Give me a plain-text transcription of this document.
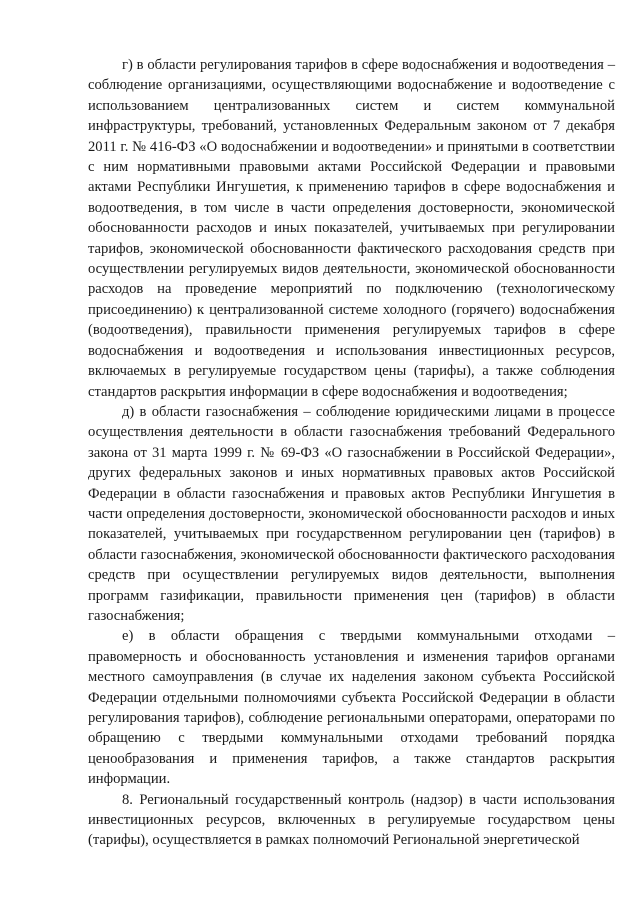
г) в области регулирования тарифов в сфере водоснабжения и водоотведения – соблюдение организациями, осуществляющими водоснабжение и водоотведение с использованием централизованных систем и систем коммунальной инфраструктуры, требований, установленных Федеральным законом от 7 декабря 2011 г. № 416-ФЗ «О водоснабжении и водоотведении» и принятыми в соответствии с ним нормативными правовыми актами Российской Федерации и правовыми актами Республики Ингушетия, к применению тарифов в сфере водоснабжения и водоотведения, в том числе в части определения достоверности, экономической обоснованности расходов и иных показателей, учитываемых при регулировании тарифов, экономической обоснованности фактического расходования средств при осуществлении регулируемых видов деятельности, экономической обоснованности расходов на проведение мероприятий по подключению (технологическому присоединению) к централизованной системе холодного (горячего) водоснабжения (водоотведения), правильности применения регулируемых тарифов в сфере водоснабжения и водоотведения и использования инвестиционных ресурсов, включаемых в регулируемые государством цены (тарифы), а также соблюдения стандартов раскрытия информации в сфере водоснабжения и водоотведения;

д) в области газоснабжения – соблюдение юридическими лицами в процессе осуществления деятельности в области газоснабжения требований Федерального закона от 31 марта 1999 г. № 69-ФЗ «О газоснабжении в Российской Федерации», других федеральных законов и иных нормативных правовых актов Российской Федерации в области газоснабжения и правовых актов Республики Ингушетия в части определения достоверности, экономической обоснованности расходов и иных показателей, учитываемых при государственном регулировании цен (тарифов) в области газоснабжения, экономической обоснованности фактического расходования средств при осуществлении регулируемых видов деятельности, выполнения программ газификации, правильности применения цен (тарифов) в области газоснабжения;

е) в области обращения с твердыми коммунальными отходами – правомерность и обоснованность установления и изменения тарифов органами местного самоуправления (в случае их наделения законом субъекта Российской Федерации отдельными полномочиями субъекта Российской Федерации в области регулирования тарифов), соблюдение региональными операторами, операторами по обращению с твердыми коммунальными отходами требований порядка ценообразования и применения тарифов, а также стандартов раскрытия информации.

8. Региональный государственный контроль (надзор) в части использования инвестиционных ресурсов, включенных в регулируемые государством цены (тарифы), осуществляется в рамках полномочий Региональной энергетической
